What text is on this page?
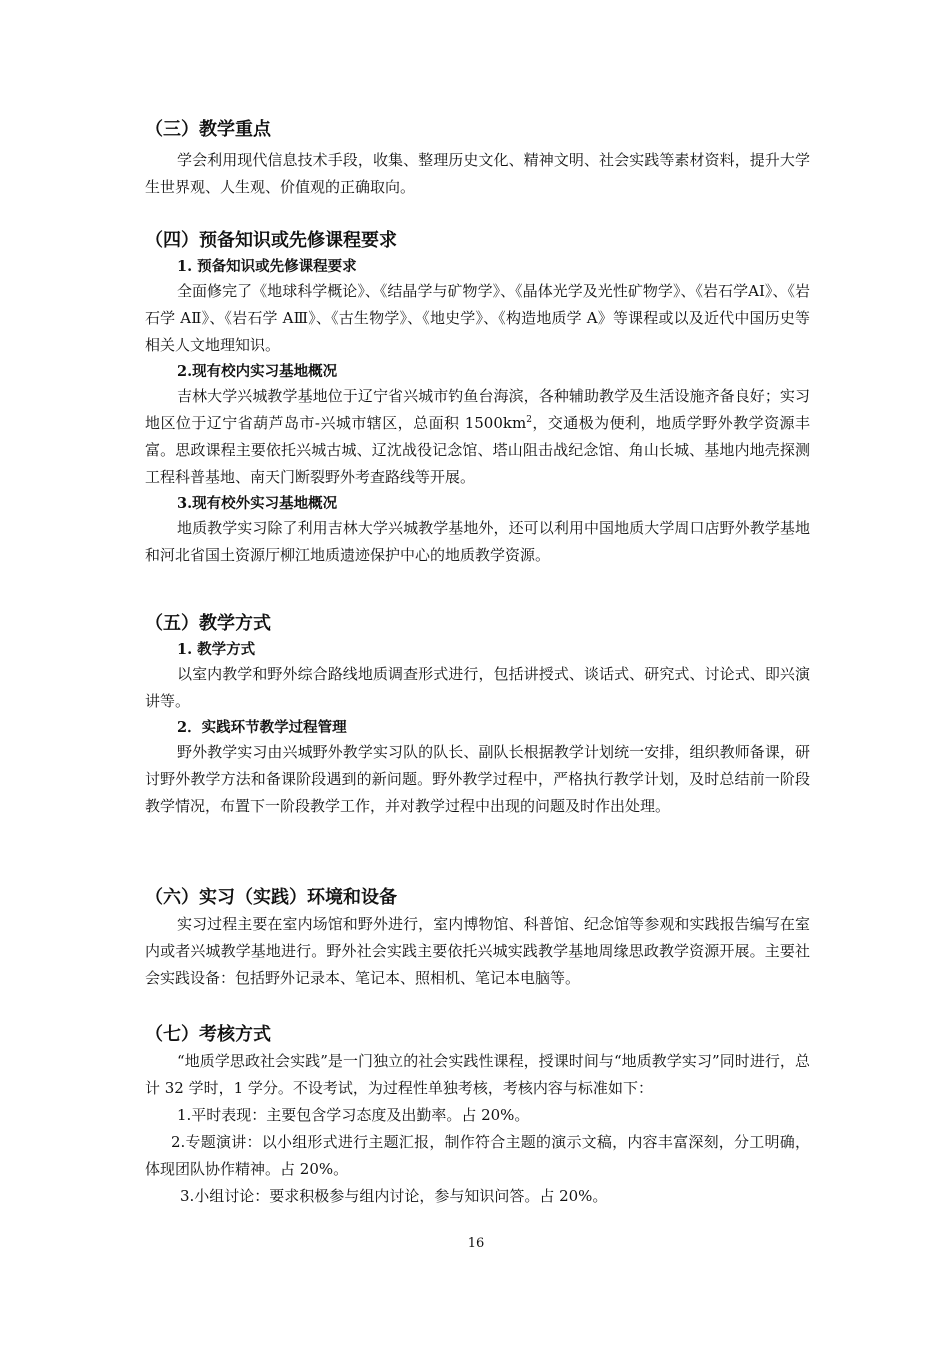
（三）教学重点
学会利用现代信息技术手段，收集、整理历史文化、精神文明、社会实践等素材资料，提升大学生世界观、人生观、价值观的正确取向。
（四）预备知识或先修课程要求
1. 预备知识或先修课程要求
全面修完了《地球科学概论》、《结晶学与矿物学》、《晶体光学及光性矿物学》、《岩石学AⅠ》、《岩石学 AⅡ》、《岩石学 AⅢ》、《古生物学》、《地史学》、《构造地质学 A》等课程或以及近代中国历史等相关人文地理知识。
2.现有校内实习基地概况
吉林大学兴城教学基地位于辽宁省兴城市钓鱼台海滨，各种辅助教学及生活设施齐备良好；实习地区位于辽宁省葫芦岛市-兴城市辖区，总面积 $1500km^2$，交通极为便利，地质学野外教学资源丰富。思政课程主要依托兴城古城、辽沈战役记念馆、塔山阻击战纪念馆、角山长城、基地内地壳探测工程科普基地、南天门断裂野外考查路线等开展。
3.现有校外实习基地概况
地质教学实习除了利用吉林大学兴城教学基地外，还可以利用中国地质大学周口店野外教学基地和河北省国土资源厅柳江地质遗迹保护中心的地质教学资源。
（五）教学方式
1. 教学方式
以室内教学和野外综合路线地质调查形式进行，包括讲授式、谈话式、研究式、讨论式、即兴演讲等。
2．实践环节教学过程管理
野外教学实习由兴城野外教学实习队的队长、副队长根据教学计划统一安排，组织教师备课，研讨野外教学方法和备课阶段遇到的新问题。野外教学过程中，严格执行教学计划，及时总结前一阶段教学情况，布置下一阶段教学工作，并对教学过程中出现的问题及时作出处理。
（六）实习（实践）环境和设备
实习过程主要在室内场馆和野外进行，室内博物馆、科普馆、纪念馆等参观和实践报告编写在室内或者兴城教学基地进行。野外社会实践主要依托兴城实践教学基地周缘思政教学资源开展。主要社会实践设备：包括野外记录本、笔记本、照相机、笔记本电脑等。
（七）考核方式
“地质学思政社会实践”是一门独立的社会实践性课程，授课时间与“地质教学实习”同时进行，总计 32 学时，1 学分。不设考试，为过程性单独考核，考核内容与标准如下：
1.平时表现：主要包含学习态度及出勤率。占 20%。
2.专题演讲：以小组形式进行主题汇报，制作符合主题的演示文稿，内容丰富深刻，分工明确，体现团队协作精神。占 20%。
3.小组讨论：要求积极参与组内讨论，参与知识问答。占 20%。
16
